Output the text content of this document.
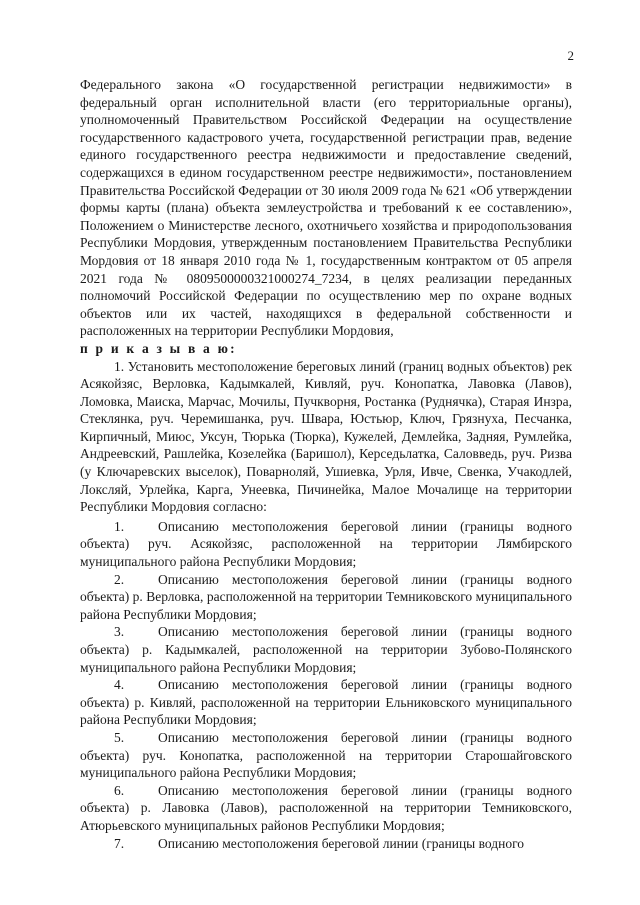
2

Федерального закона «О государственной регистрации недвижимости» в федеральный орган исполнительной власти (его территориальные органы), уполномоченный Правительством Российской Федерации на осуществление государственного кадастрового учета, государственной регистрации прав, ведение единого государственного реестра недвижимости и предоставление сведений, содержащихся в едином государственном реестре недвижимости», постановлением Правительства Российской Федерации от 30 июля 2009 года № 621 «Об утверждении формы карты (плана) объекта землеустройства и требований к ее составлению», Положением о Министерстве лесного, охотничьего хозяйства и природопользования Республики Мордовия, утвержденным постановлением Правительства Республики Мордовия от 18 января 2010 года № 1, государственным контрактом от 05 апреля 2021 года № 0809500000321000274_7234, в целях реализации переданных полномочий Российской Федерации по осуществлению мер по охране водных объектов или их частей, находящихся в федеральной собственности и расположенных на территории Республики Мордовия,

п р и к а з ы в а ю:

1. Установить местоположение береговых линий (границ водных объектов) рек Асякойзяс, Верловка, Кадымкалей, Кивляй, руч. Конопатка, Лавовка (Лавов), Ломовка, Маиска, Марчас, Мочилы, Пучкворня, Ростанка (Руднячка), Старая Инзра, Стеклянка, руч. Черемишанка, руч. Швара, Юстьюр, Ключ, Грязнуха, Песчанка, Кирпичный, Миюс, Уксун, Тюрька (Тюрка), Кужелей, Демлейка, Задняя, Румлейка, Андреевский, Рашлейка, Козелейка (Баришол), Керседьлатка, Саловведь, руч. Ризва (у Ключаревских выселок), Поварноляй, Ушиевка, Урля, Ивче, Свенка, Учакодлей, Локсляй, Урлейка, Карга, Унеевка, Пичинейка, Малое Мочалище на территории Республики Мордовия согласно:

1.	Описанию местоположения береговой линии (границы водного объекта) руч. Асякойзяс, расположенной на территории Лямбирского муниципального района Республики Мордовия;

2.	Описанию местоположения береговой линии (границы водного объекта) р. Верловка, расположенной на территории Темниковского муниципального района Республики Мордовия;

3.	Описанию местоположения береговой линии (границы водного объекта) р. Кадымкалей, расположенной на территории Зубово-Полянского муниципального района Республики Мордовия;

4.	Описанию местоположения береговой линии (границы водного объекта) р. Кивляй, расположенной на территории Ельниковского муниципального района Республики Мордовия;

5.	Описанию местоположения береговой линии (границы водного объекта) руч. Конопатка, расположенной на территории Старошайговского муниципального района Республики Мордовия;

6.	Описанию местоположения береговой линии (границы водного объекта) р. Лавовка (Лавов), расположенной на территории Темниковского, Атюрьевского муниципальных районов Республики Мордовия;

7.	Описанию местоположения береговой линии (границы водного
